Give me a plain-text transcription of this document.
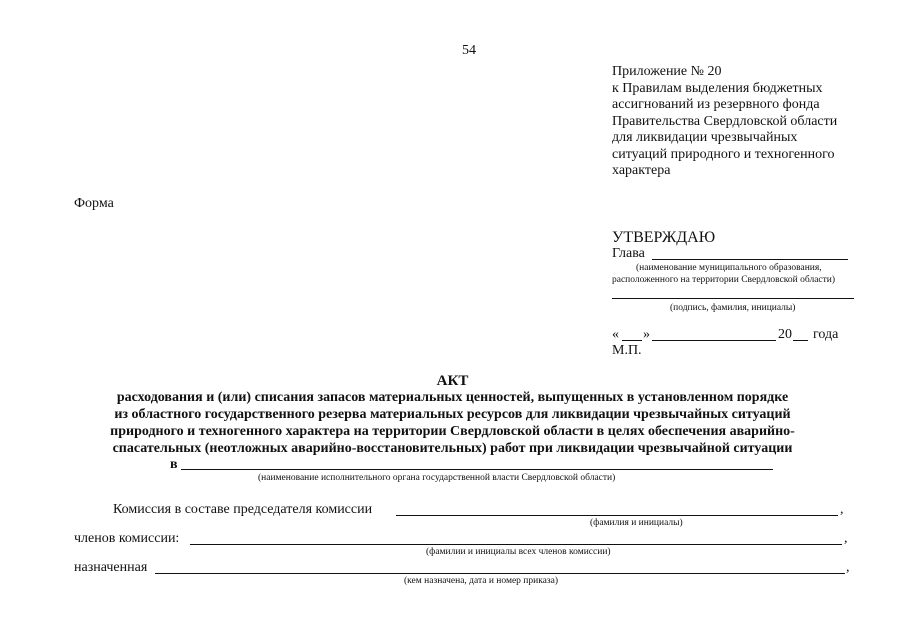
54
Приложение № 20
к Правилам выделения бюджетных
ассигнований из резервного фонда
Правительства Свердловской области
для ликвидации чрезвычайных
ситуаций природного и техногенного
характера
Форма
УТВЕРЖДАЮ
Глава
(наименование муниципального образования,
расположенного на территории Свердловской области)
(подпись, фамилия, инициалы)
« »	20 года
М.П.
АКТ
расходования и (или) списания запасов материальных ценностей, выпущенных в установленном порядке
из областного государственного резерва материальных ресурсов для ликвидации чрезвычайных ситуаций
природного и техногенного характера на территории Свердловской области в целях обеспечения аварийно-
спасательных (неотложных аварийно-восстановительных) работ при ликвидации чрезвычайной ситуации
в
(наименование исполнительного органа государственной власти Свердловской области)
Комиссия в составе председателя комиссии	,
(фамилия и инициалы)
членов комиссии:	,
(фамилии и инициалы всех членов комиссии)
назначенная	,
(кем назначена, дата и номер приказа)
